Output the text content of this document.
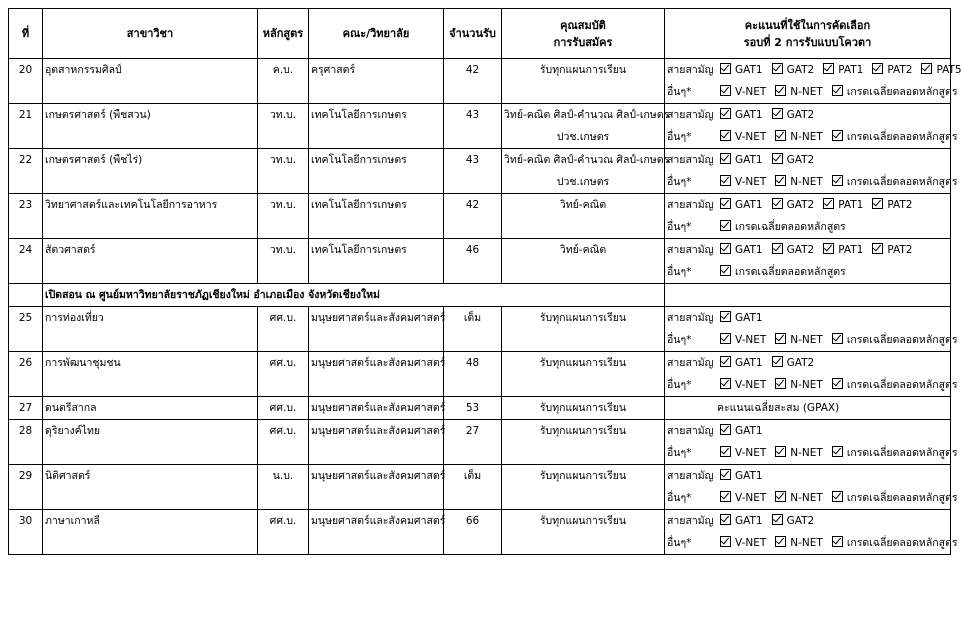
ที่	สาขาวิชา	หลักสูตร	คณะ/วิทยาลัย	จำนวนรับ	คุณสมบัติ
การรับสมัคร	คะแนนที่ใช้ในการคัดเลือก
รอบที่ 2 การรับแบบโควตา

20	อุตสาหกรรมศิลป์	ค.บ.	ครุศาสตร์	42	รับทุกแผนการเรียน	สายสามัญ GAT1 GAT2 PAT1 PAT2 PAT5
อื่นๆ* V-NET N-NET เกรดเฉลี่ยตลอดหลักสูตร

21	เกษตรศาสตร์ (พืชสวน)	วท.บ.	เทคโนโลยีการเกษตร	43	วิทย์-คณิต ศิลป์-คำนวณ ศิลป์-เกษตร
ปวช.เกษตร	สายสามัญ GAT1 GAT2
อื่นๆ* V-NET N-NET เกรดเฉลี่ยตลอดหลักสูตร

22	เกษตรศาสตร์ (พืชไร่)	วท.บ.	เทคโนโลยีการเกษตร	43	วิทย์-คณิต ศิลป์-คำนวณ ศิลป์-เกษตร
ปวช.เกษตร	สายสามัญ GAT1 GAT2
อื่นๆ* V-NET N-NET เกรดเฉลี่ยตลอดหลักสูตร

23	วิทยาศาสตร์และเทคโนโลยีการอาหาร	วท.บ.	เทคโนโลยีการเกษตร	42	วิทย์-คณิต	สายสามัญ GAT1 GAT2 PAT1 PAT2
อื่นๆ* เกรดเฉลี่ยตลอดหลักสูตร

24	สัตวศาสตร์	วท.บ.	เทคโนโลยีการเกษตร	46	วิทย์-คณิต	สายสามัญ GAT1 GAT2 PAT1 PAT2
อื่นๆ* เกรดเฉลี่ยตลอดหลักสูตร

	เปิดสอน ณ ศูนย์มหาวิทยาลัยราชภัฏเชียงใหม่ อำเภอเมือง จังหวัดเชียงใหม่					
25	การท่องเที่ยว	ศศ.บ.	มนุษยศาสตร์และสังคมศาสตร์	เต็ม	รับทุกแผนการเรียน	สายสามัญ GAT1
อื่นๆ* V-NET N-NET เกรดเฉลี่ยตลอดหลักสูตร

26	การพัฒนาชุมชน	ศศ.บ.	มนุษยศาสตร์และสังคมศาสตร์	48	รับทุกแผนการเรียน	สายสามัญ GAT1 GAT2
อื่นๆ* V-NET N-NET เกรดเฉลี่ยตลอดหลักสูตร

27	ดนตรีสากล	ศศ.บ.	มนุษยศาสตร์และสังคมศาสตร์	53	รับทุกแผนการเรียน	คะแนนเฉลี่ยสะสม (GPAX)

28	ดุริยางค์ไทย	ศศ.บ.	มนุษยศาสตร์และสังคมศาสตร์	27	รับทุกแผนการเรียน	สายสามัญ GAT1
อื่นๆ* V-NET N-NET เกรดเฉลี่ยตลอดหลักสูตร

29	นิติศาสตร์	น.บ.	มนุษยศาสตร์และสังคมศาสตร์	เต็ม	รับทุกแผนการเรียน	สายสามัญ GAT1
อื่นๆ* V-NET N-NET เกรดเฉลี่ยตลอดหลักสูตร

30	ภาษาเกาหลี	ศศ.บ.	มนุษยศาสตร์และสังคมศาสตร์	66	รับทุกแผนการเรียน	สายสามัญ GAT1 GAT2
อื่นๆ* V-NET N-NET เกรดเฉลี่ยตลอดหลักสูตร
